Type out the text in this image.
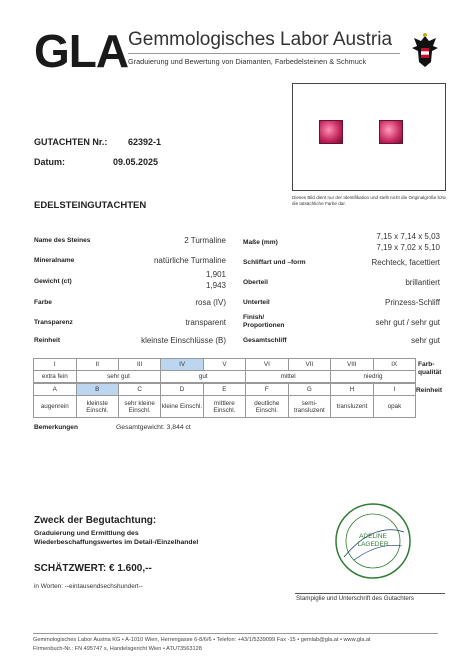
GLA Gemmologisches Labor Austria
Graduierung und Bewertung von Diamanten, Farbedelsteinen & Schmuck
GUTACHTEN Nr.: 62392-1
Datum:	09.05.2025
EDELSTEINGUTACHTEN
Dieses Bild dient nur der Identifikation und stellt nicht die Originalgröße bzw. die tatsächliche Farbe dar.
Name des Steines	2 Turmaline
Mineralname	natürliche Turmaline
Gewicht (ct)
1,901
1,943
Farbe	rosa (IV)
Transparenz	transparent
Reinheit	kleinste Einschlüsse (B)
Maße (mm)
7,15 x 7,14 x 5,03
7,19 x 7,02 x 5,10
Schliffart und –form	Rechteck, facettiert
Oberteil	brillantiert
Unterteil	Prinzess-Schliff
Finish/
Proportionen	sehr gut / sehr gut
Gesamtschliff	sehr gut
I	II	III	IV	V	VI	VII	VIII	IX
extra fein	sehr gut		gut		mittel		niedrig	
Farb-
qualität
A	B	C	D	E	F	G	H	I
augenrein	kleinste Einschl.	sehr kleine Einschl.	kleine Einschl.	mittlere Einschl.	deutliche Einschl.	semi-transluzent	transluzent	opak
Reinheit
Bemerkungen	Gesamtgewicht: 3,844 ct
Zweck der Begutachtung:
Graduierung und Ermittlung des
Wiederbeschaffungswertes im Detail-/Einzelhandel
SCHÄTZWERT: € 1.600,--
in Worten: --eintausendsechshundert--
ADELINE
LAGEDER
Stampiglie und Unterschrift des Gutachters
Gemmologisches Labor Austria KG • A-1010 Wien, Herrengasse 6-8/6/6 • Telefon: +43/1/5339099 Fax -15 • gemlab@gla.at • www.gla.at
Firmenbuch-Nr.: FN 495747 s, Handelsgericht Wien • ATU73563128
